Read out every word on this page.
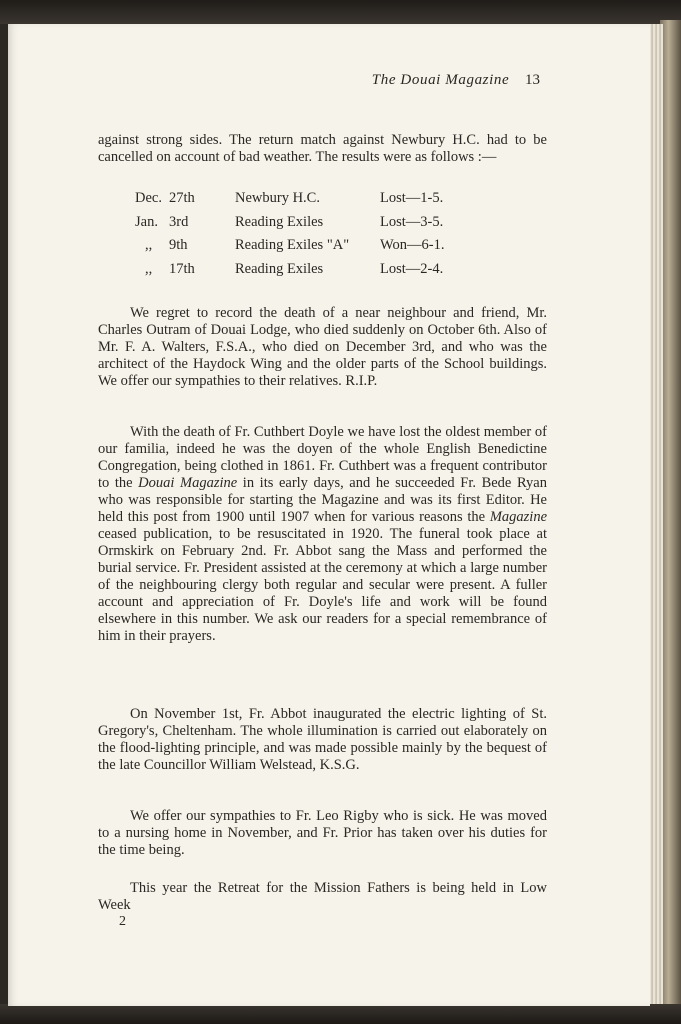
The Douai Magazine 13

against strong sides. The return match against Newbury H.C. had to be cancelled on account of bad weather. The results were as follows :—

Dec. 27th	Newbury H.C.	Lost—1-5.
Jan. 3rd	Reading Exiles	Lost—3-5.
,,	9th	Reading Exiles "A"	Won—6-1.
,,	17th	Reading Exiles	Lost—2-4.

We regret to record the death of a near neighbour and friend, Mr. Charles Outram of Douai Lodge, who died suddenly on October 6th. Also of Mr. F. A. Walters, F.S.A., who died on December 3rd, and who was the architect of the Haydock Wing and the older parts of the School buildings. We offer our sympathies to their relatives. R.I.P.

With the death of Fr. Cuthbert Doyle we have lost the oldest member of our familia, indeed he was the doyen of the whole English Benedictine Congregation, being clothed in 1861. Fr. Cuthbert was a frequent contributor to the Douai Magazine in its early days, and he succeeded Fr. Bede Ryan who was responsible for starting the Magazine and was its first Editor. He held this post from 1900 until 1907 when for various reasons the Magazine ceased publication, to be resuscitated in 1920. The funeral took place at Ormskirk on February 2nd. Fr. Abbot sang the Mass and performed the burial service. Fr. President assisted at the ceremony at which a large number of the neighbouring clergy both regular and secular were present. A fuller account and appreciation of Fr. Doyle's life and work will be found elsewhere in this number. We ask our readers for a special remembrance of him in their prayers.

On November 1st, Fr. Abbot inaugurated the electric lighting of St. Gregory's, Cheltenham. The whole illumination is carried out elaborately on the flood-lighting principle, and was made possible mainly by the bequest of the late Councillor William Welstead, K.S.G.

We offer our sympathies to Fr. Leo Rigby who is sick. He was moved to a nursing home in November, and Fr. Prior has taken over his duties for the time being.

This year the Retreat for the Mission Fathers is being held in Low Week

2
